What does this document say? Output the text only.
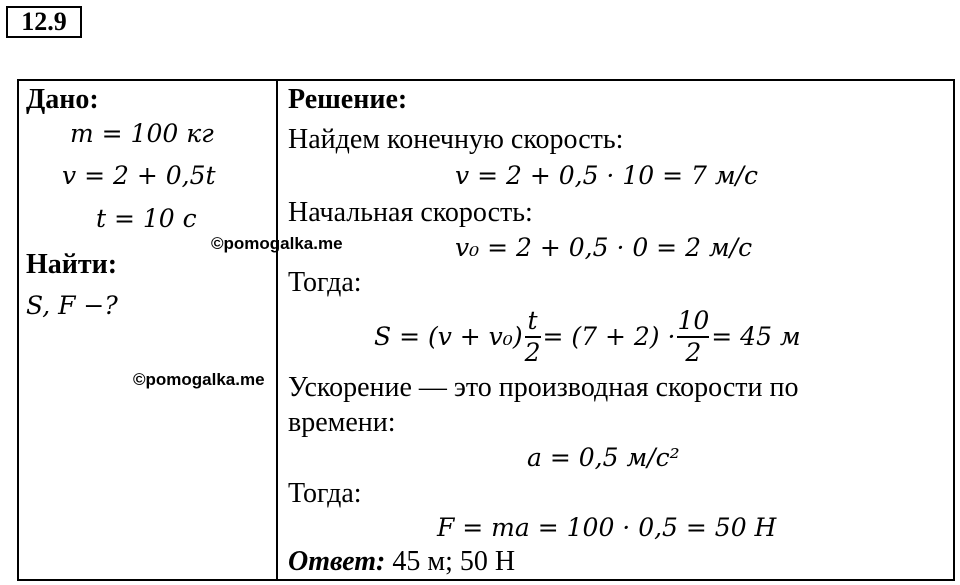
12.9
Дано:
m = 100 кг
v = 2 + 0,5t
t = 10 с
Найти:
S, F −?
Решение:
Найдем конечную скорость:
v = 2 + 0,5 · 10 = 7 м/с
Начальная скорость:
v₀ = 2 + 0,5 · 0 = 2 м/с
Тогда:
$S = (v + v_0) \frac{t}{2} = (7 + 2) \cdot \frac{10}{2} = 45$ м
Ускорение — это производная скорости по
времени:
a = 0,5 м/с²
Тогда:
F = ma = 100 · 0,5 = 50 Н
Ответ: 45 м; 50 Н
©pomogalka.me
©pomogalka.me
